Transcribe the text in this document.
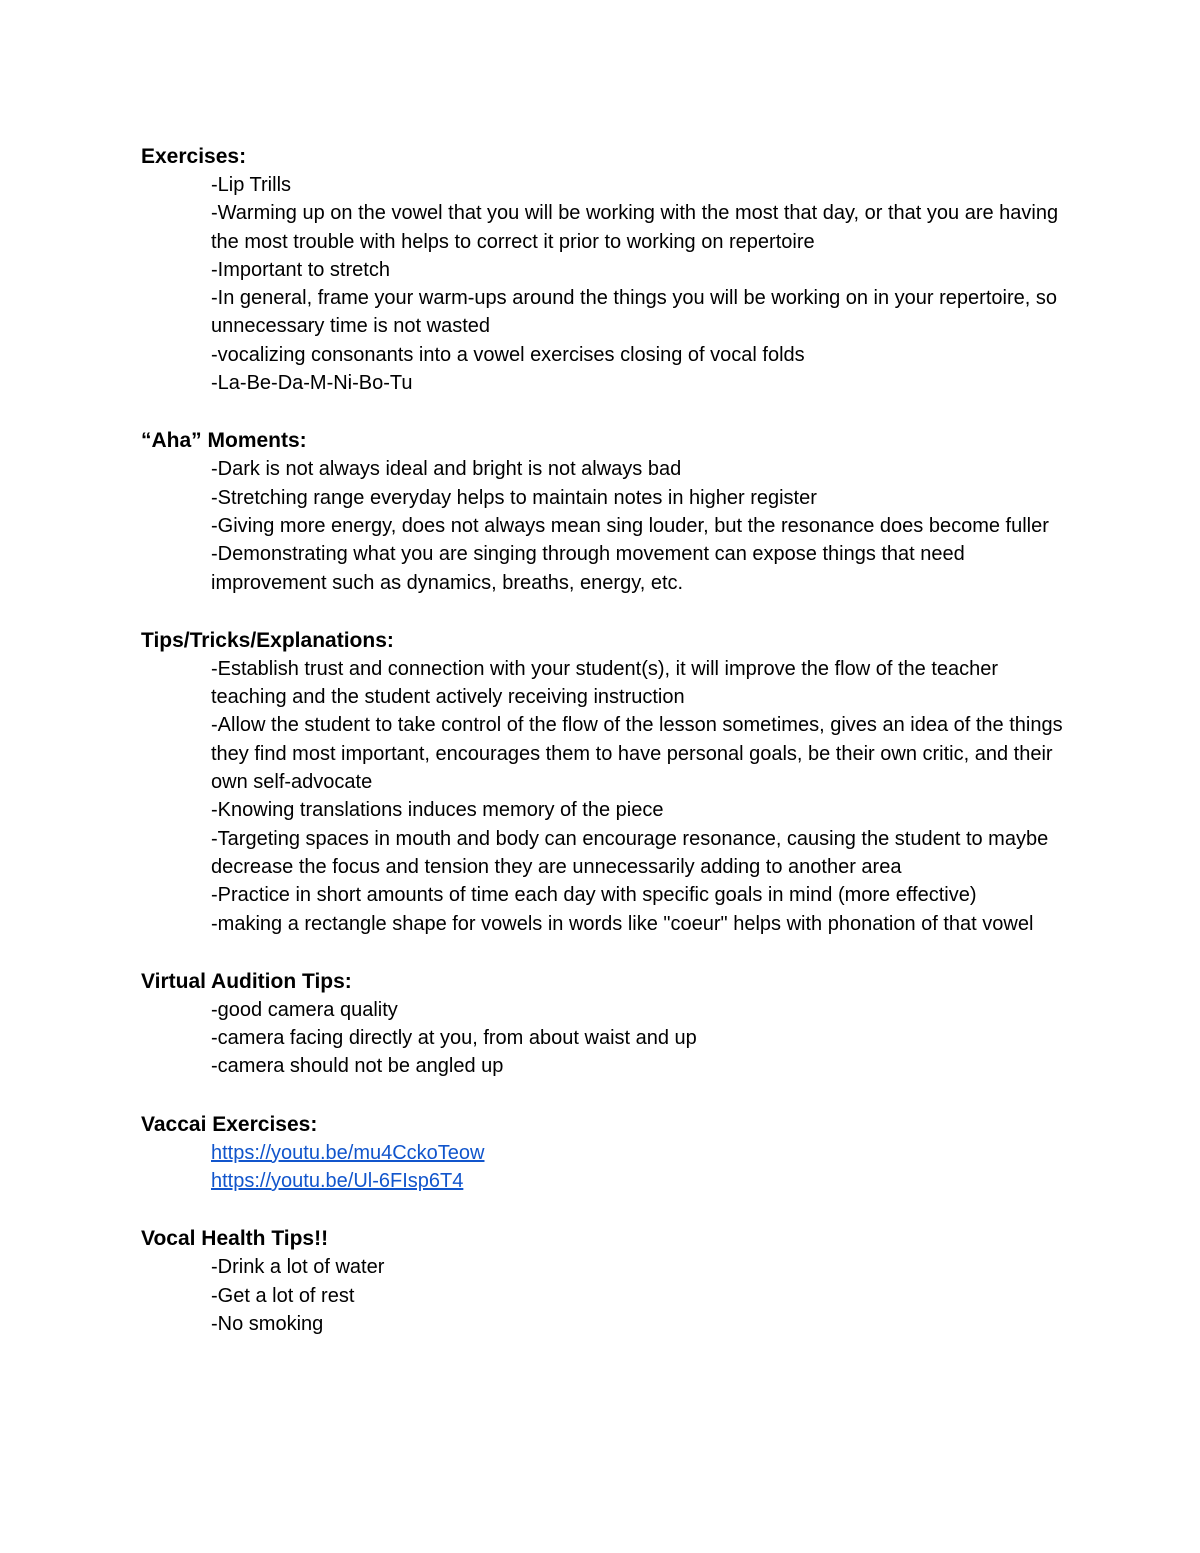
Exercises:
-Lip Trills
-Warming up on the vowel that you will be working with the most that day, or that you are having the most trouble with helps to correct it prior to working on repertoire
-Important to stretch
-In general, frame your warm-ups around the things you will be working on in your repertoire, so unnecessary time is not wasted
-vocalizing consonants into a vowel exercises closing of vocal folds
-La-Be-Da-M-Ni-Bo-Tu
“Aha” Moments:
-Dark is not always ideal and bright is not always bad
-Stretching range everyday helps to maintain notes in higher register
-Giving more energy, does not always mean sing louder, but the resonance does become fuller
-Demonstrating what you are singing through movement can expose things that need improvement such as dynamics, breaths, energy, etc.
Tips/Tricks/Explanations:
-Establish trust and connection with your student(s), it will improve the flow of the teacher teaching and the student actively receiving instruction
-Allow the student to take control of the flow of the lesson sometimes, gives an idea of the things they find most important, encourages them to have personal goals, be their own critic, and their own self-advocate
-Knowing translations induces memory of the piece
-Targeting spaces in mouth and body can encourage resonance, causing the student to maybe decrease the focus and tension they are unnecessarily adding to another area
-Practice in short amounts of time each day with specific goals in mind (more effective)
-making a rectangle shape for vowels in words like "coeur" helps with phonation of that vowel
Virtual Audition Tips:
-good camera quality
-camera facing directly at you, from about waist and up
-camera should not be angled up
Vaccai Exercises:
https://youtu.be/mu4CckoTeow
https://youtu.be/Ul-6FIsp6T4
Vocal Health Tips!!
-Drink a lot of water
-Get a lot of rest
-No smoking
